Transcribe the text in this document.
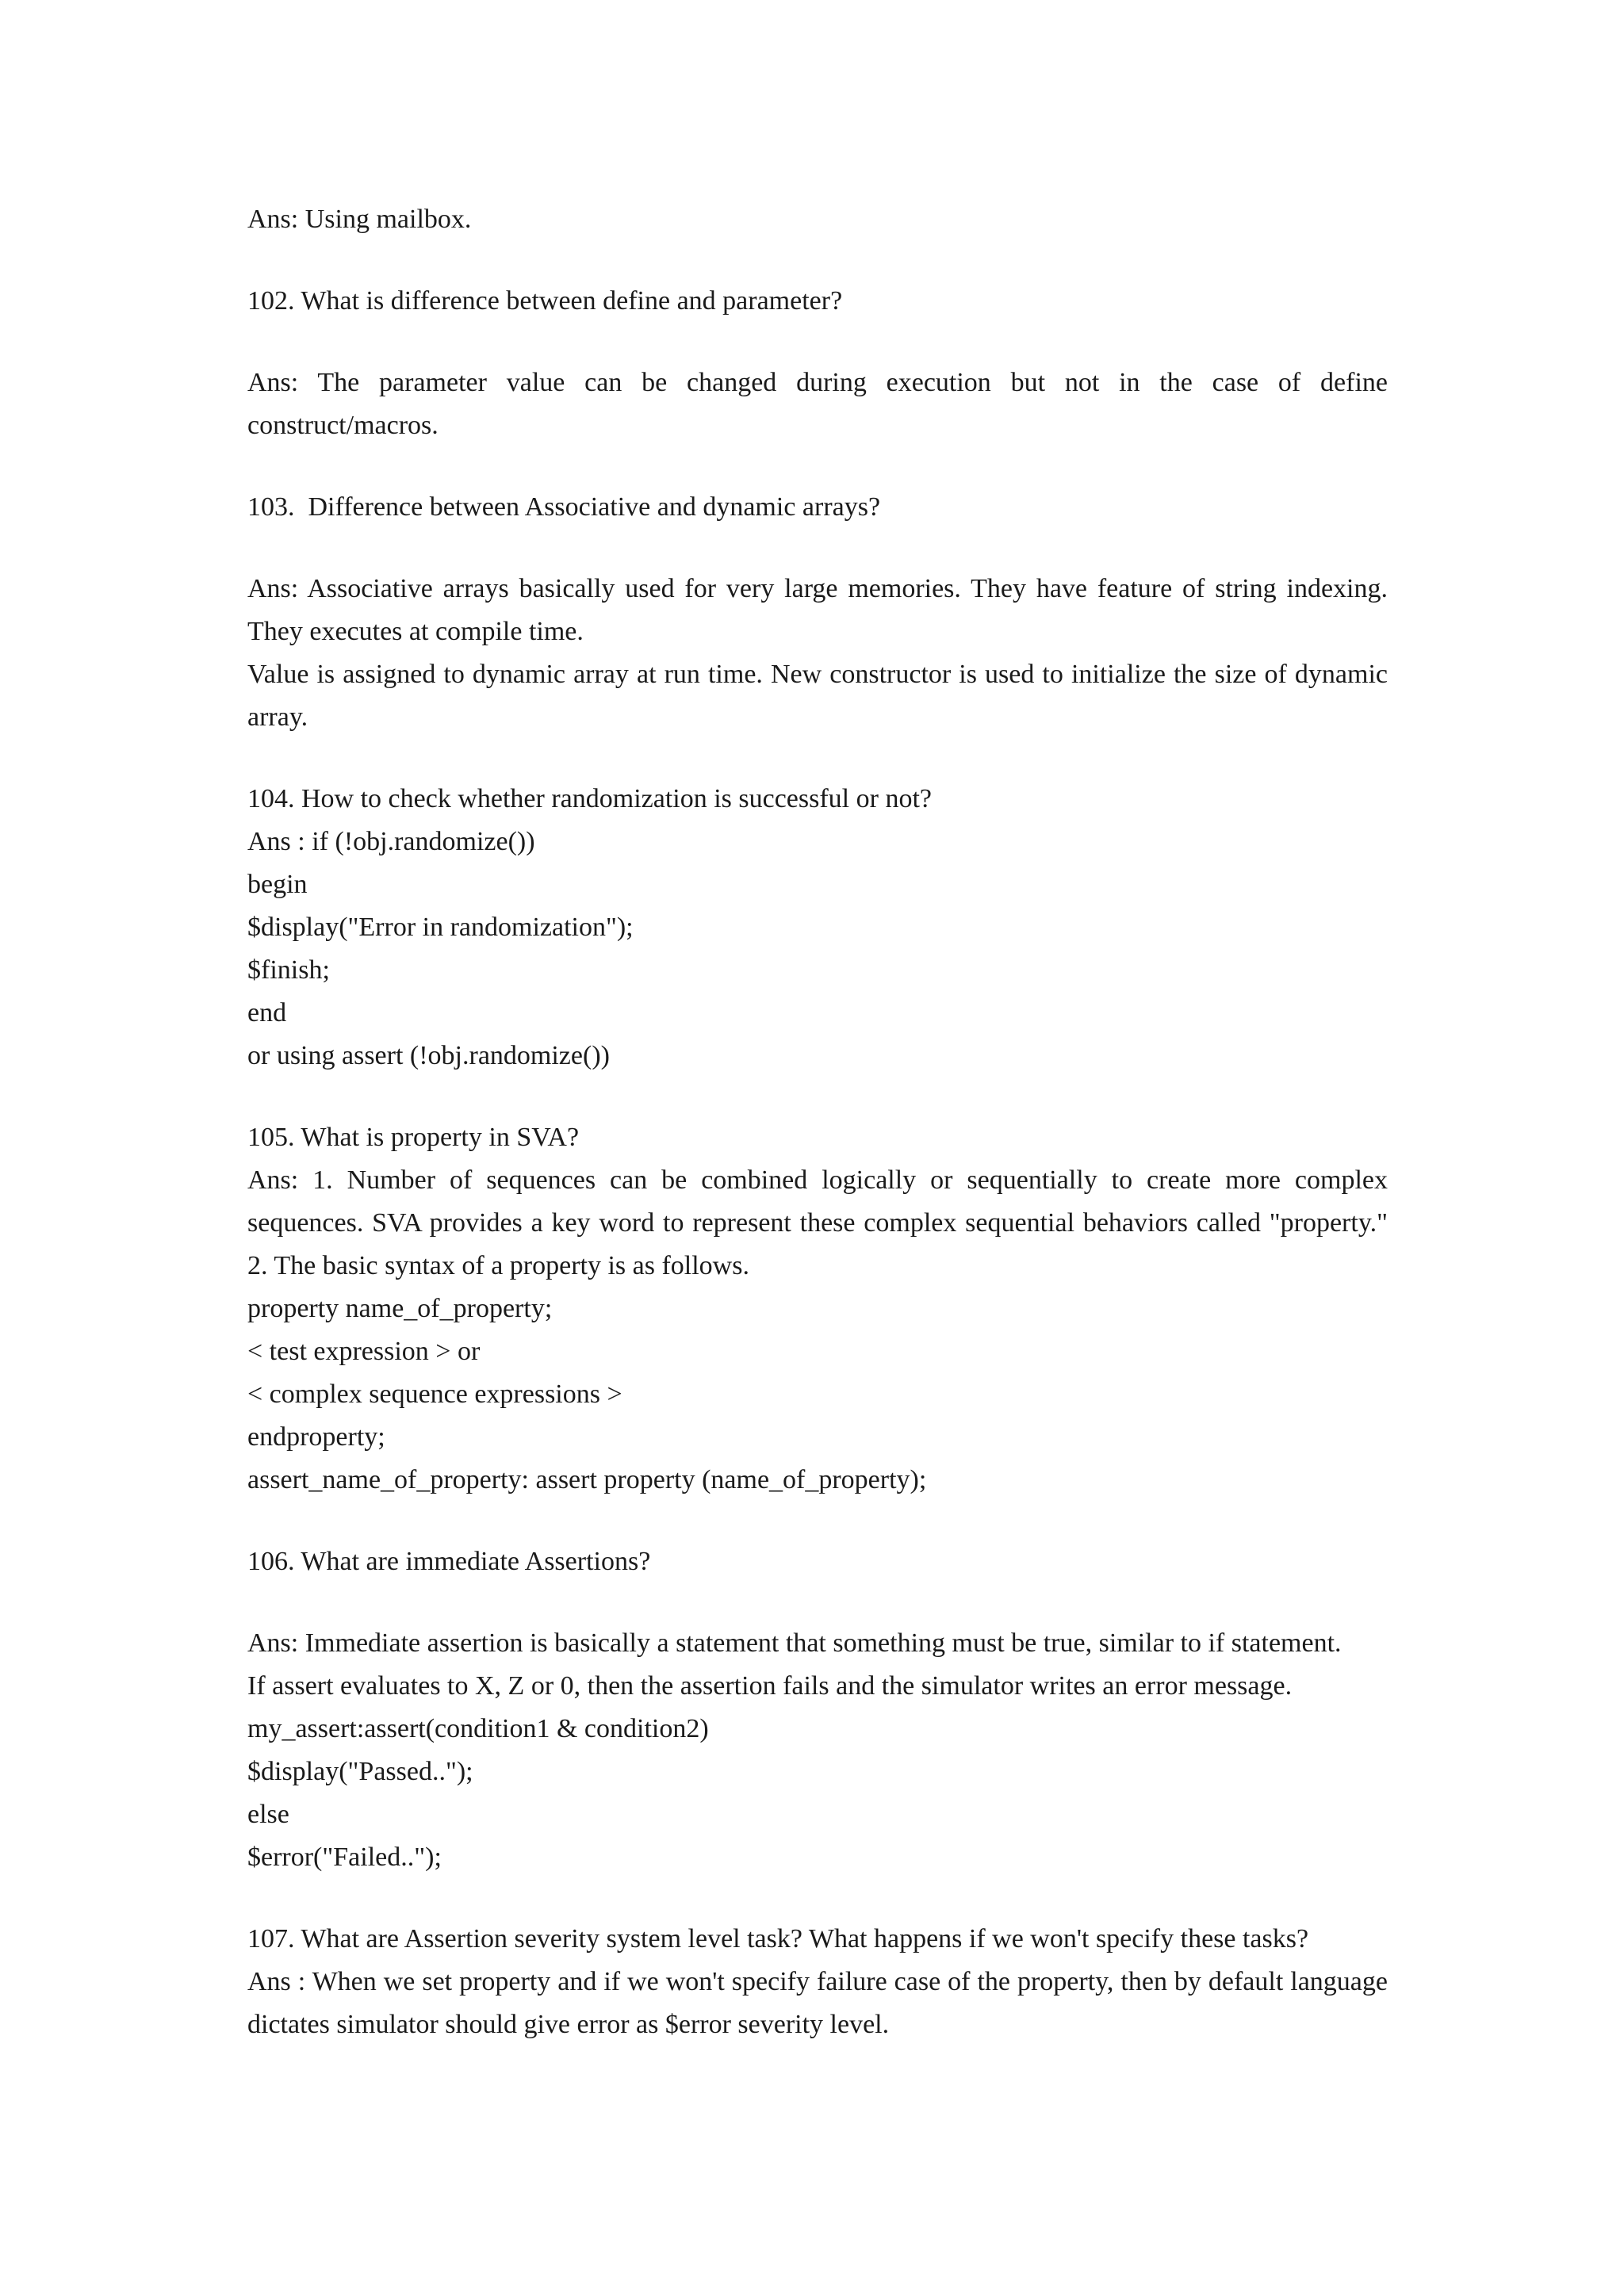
Ans: Using mailbox.
102. What is difference between define and parameter?
Ans: The parameter value can be changed during execution but not in the case of define construct/macros.
103.  Difference between Associative and dynamic arrays?
Ans: Associative arrays basically used for very large memories. They have feature of string indexing. They executes at compile time.
Value is assigned to dynamic array at run time. New constructor is used to initialize the size of dynamic array.
104. How to check whether randomization is successful or not?
Ans : if (!obj.randomize())
begin
$display("Error in randomization");
$finish;
end
or using assert (!obj.randomize())
105. What is property in SVA?
Ans: 1. Number of sequences can be combined logically or sequentially to create more complex sequences. SVA provides a key word to represent these complex sequential behaviors called "property."    2. The basic syntax of a property is as follows.
property name_of_property;
< test expression > or
< complex sequence expressions >
endproperty;
assert_name_of_property: assert property (name_of_property);
106. What are immediate Assertions?
Ans: Immediate assertion is basically a statement that something must be true, similar to if statement.
If assert evaluates to X, Z or 0, then the assertion fails and the simulator writes an error message.
my_assert:assert(condition1 & condition2)
$display("Passed..");
else
$error("Failed..");
107. What are Assertion severity system level task? What happens if we won't specify these tasks?
Ans : When we set property and if we won't specify failure case of the property, then by default language dictates simulator should give error as $error severity level.
